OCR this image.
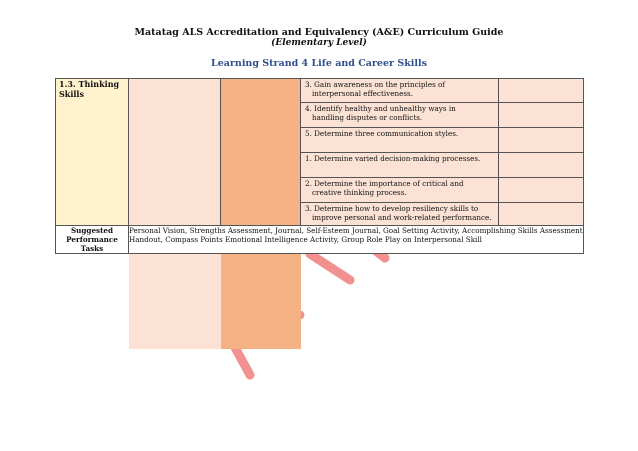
Matatag ALS Accreditation and Equivalency (A&E) Curriculum Guide
(Elementary Level)
Learning Strand 4 Life and Career Skills
1.3. Thinking Skills			3. Gain awareness on the principles of
interpersonal effectiveness.	

			4. Identify healthy and unhealthy ways in
handling disputes or conflicts.	

			5. Determine three communication styles.	

			1. Determine varied decision-making processes.	

			2. Determine the importance of critical and
creative thinking process.	

			3. Determine how to develop resiliency skills to
improve personal and work-related performance.	

Suggested Performance Tasks	Personal Vision, Strengths Assessment, Journal, Self-Esteem Journal, Goal Setting Activity, Accomplishing Skills Assessment Handout, Compass Points Emotional Intelligence Activity, Group Role Play on Interpersonal Skill			
